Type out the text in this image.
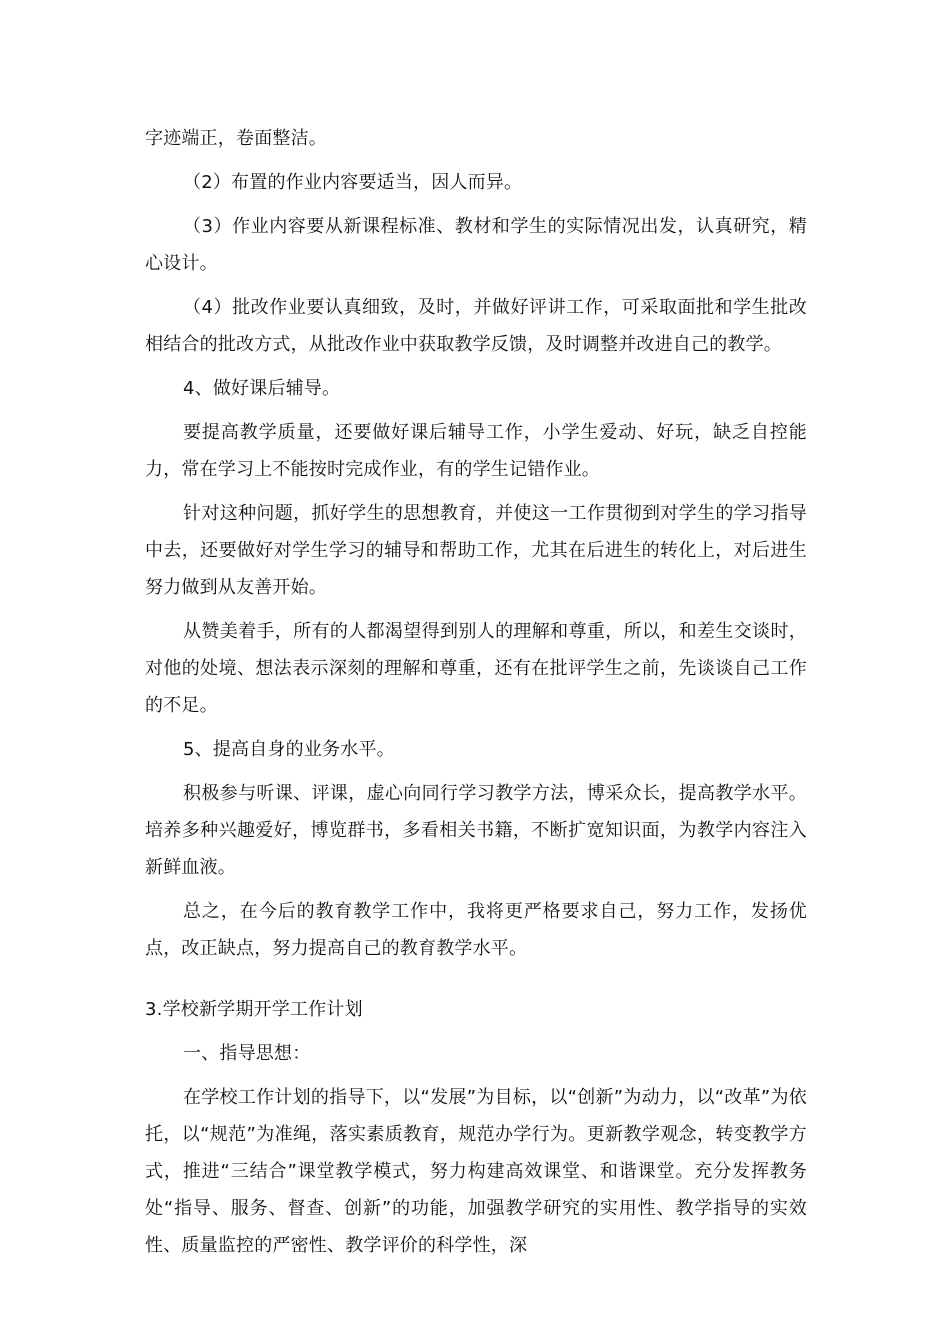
字迹端正，卷面整洁。

（2）布置的作业内容要适当，因人而异。

（3）作业内容要从新课程标准、教材和学生的实际情况出发，认真研究，精心设计。

（4）批改作业要认真细致，及时，并做好评讲工作，可采取面批和学生批改相结合的批改方式，从批改作业中获取教学反馈，及时调整并改进自己的教学。

4、做好课后辅导。

要提高教学质量，还要做好课后辅导工作，小学生爱动、好玩，缺乏自控能力，常在学习上不能按时完成作业，有的学生记错作业。

针对这种问题，抓好学生的思想教育，并使这一工作贯彻到对学生的学习指导中去，还要做好对学生学习的辅导和帮助工作，尤其在后进生的转化上，对后进生努力做到从友善开始。

从赞美着手，所有的人都渴望得到别人的理解和尊重，所以，和差生交谈时，对他的处境、想法表示深刻的理解和尊重，还有在批评学生之前，先谈谈自己工作的不足。

5、提高自身的业务水平。

积极参与听课、评课，虚心向同行学习教学方法，博采众长，提高教学水平。培养多种兴趣爱好，博览群书，多看相关书籍，不断扩宽知识面，为教学内容注入新鲜血液。

总之，在今后的教育教学工作中，我将更严格要求自己，努力工作，发扬优点，改正缺点，努力提高自己的教育教学水平。

3.学校新学期开学工作计划

一、指导思想：

在学校工作计划的指导下，以“发展”为目标，以“创新”为动力，以“改革”为依托，以“规范”为准绳，落实素质教育，规范办学行为。更新教学观念，转变教学方式，推进“三结合”课堂教学模式，努力构建高效课堂、和谐课堂。充分发挥教务处“指导、服务、督查、创新”的功能，加强教学研究的实用性、教学指导的实效性、质量监控的严密性、教学评价的科学性，深
